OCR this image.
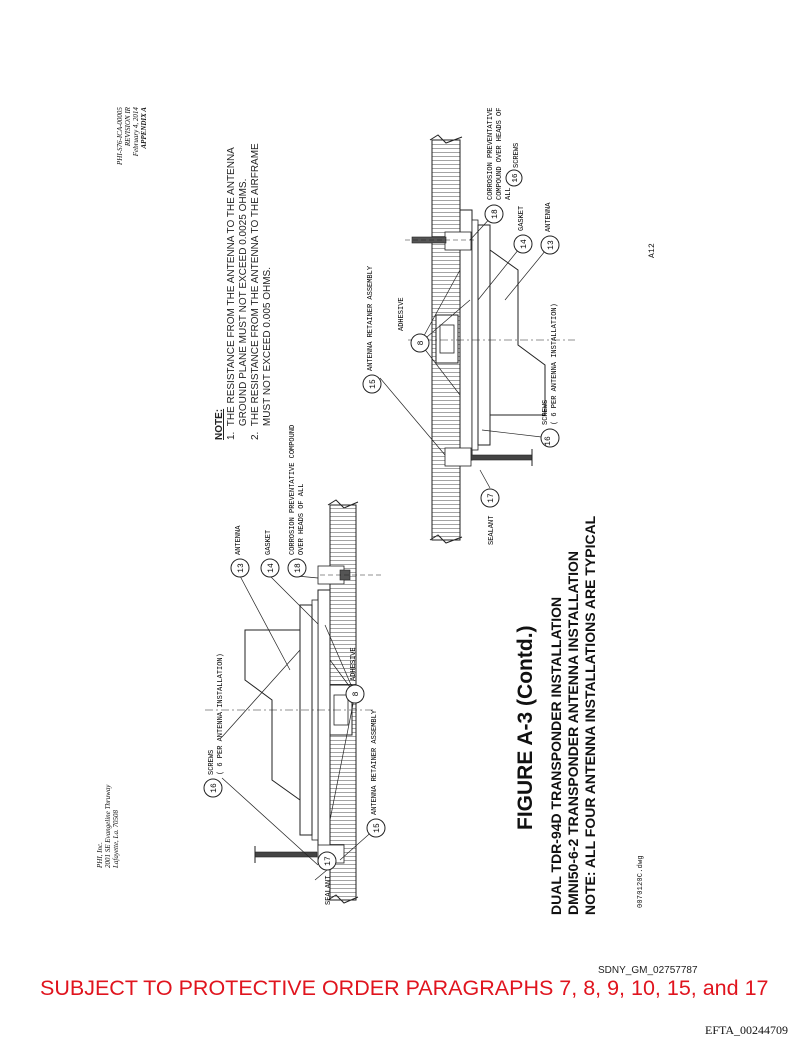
PHI, Inc. 2001 SE Evangeline Thruway Lafayette, La. 70508
PHI-S76-ICA-00005 REVISION IR February 4, 2014 APPENDIX A
NOTE: 1.  THE RESISTANCE FROM THE ANTENNA TO THE ANTENNA GROUND PLANE MUST NOT EXCEED 0.0025 OHMS. 2.  THE RESISTANCE FROM THE ANTENNA TO THE AIRFRAME MUST NOT EXCEED 0.005 OHMS.
16
13	14 18
8
15
17
SCREWS ( 6 PER ANTENNA INSTALLATION)
ANTENNA	GASKET CORROSION PREVENTATIVE COMPOUND OVER HEADS OF ALL
ADHESIVE
ANTENNA RETAINER ASSEMBLY
SEALANT
15
8
18
16
14 13
16
17
ANTENNA RETAINER ASSEMBLY	ADHESIVE
CORROSION PREVENTATIVE COMPOUND OVER HEADS OF ALL
SCREWS
GASKET	ANTENNA
SCREWS ( 6 PER ANTENNA INSTALLATION)
SEALANT
FIGURE A-3 (Contd.) DUAL TDR-94D TRANSPONDER INSTALLATION DMNI50-6-2 TRANSPONDER ANTENNA INSTALLATION NOTE: ALL FOUR ANTENNA INSTALLATIONS ARE TYPICAL	0070120C.dwg
A12
SDNY_GM_02757787
SUBJECT TO PROTECTIVE ORDER PARAGRAPHS 7, 8, 9, 10, 15, and 17
EFTA_00244709
